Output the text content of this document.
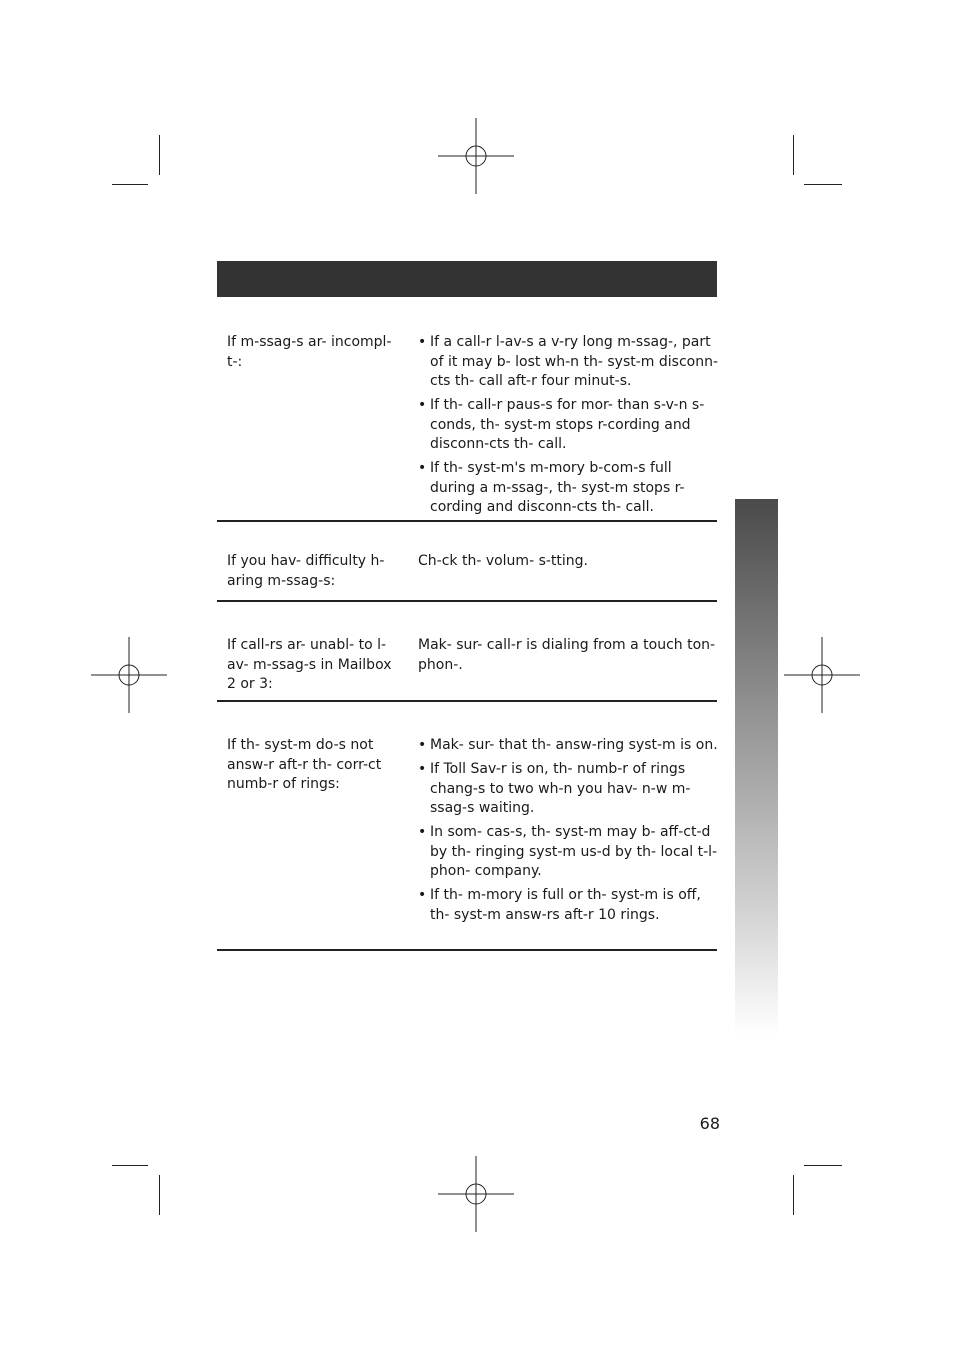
If m-ssag-s ar- incompl-t-:
• If a call-r l-av-s a v-ry long m-ssag-, part of it may b- lost wh-n th- syst-m disconn-cts th- call aft-r four minut-s.
• If th- call-r paus-s for mor- than s-v-n s-conds, th- syst-m stops r-cording and disconn-cts th- call.
• If th- syst-m's m-mory b-com-s full during a m-ssag-, th- syst-m stops r-cording and disconn-cts th- call.
If you hav- difficulty h-aring m-ssag-s:
Ch-ck th- volum- s-tting.
If call-rs ar- unabl- to l-av- m-ssag-s in Mailbox 2 or 3:
Mak- sur- call-r is dialing from a touch ton- phon-.
If th- syst-m do-s not answ-r aft-r th- corr-ct numb-r of rings:
• Mak- sur- that th- answ-ring syst-m is on.
• If Toll Sav-r is on, th- numb-r of rings chang-s to two wh-n you hav- n-w m-ssag-s waiting.
• In som- cas-s, th- syst-m may b- aff-ct-d by th- ringing syst-m us-d by th- local t-l-phon- company.
• If th- m-mory is full or th- syst-m is off, th- syst-m answ-rs aft-r 10 rings.
68
